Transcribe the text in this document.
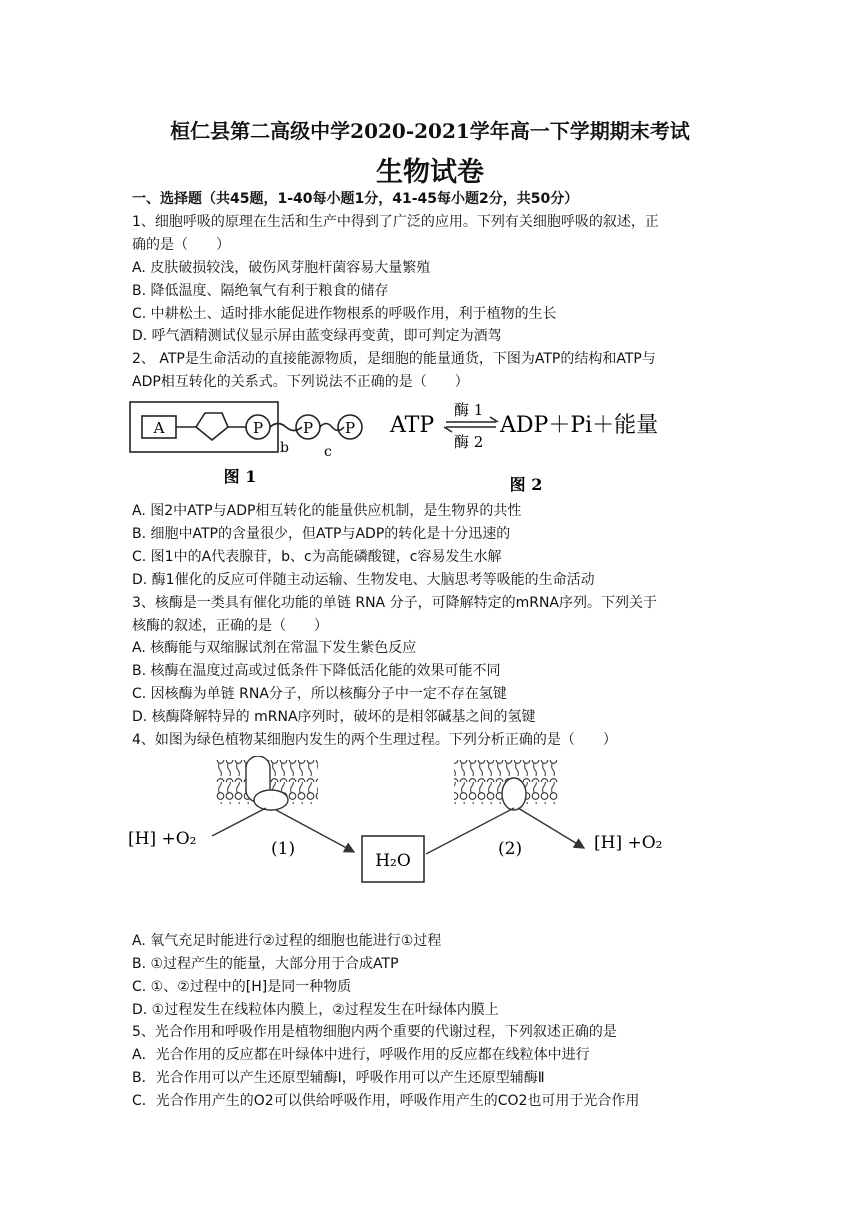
桓仁县第二高级中学2020-2021学年高一下学期期末考试
生物试卷
一、选择题（共45题，1-40每小题1分，41-45每小题2分，共50分）
1、细胞呼吸的原理在生活和生产中得到了广泛的应用。下列有关细胞呼吸的叙述，正
确的是（　　）
A. 皮肤破损较浅，破伤风芽胞杆菌容易大量繁殖
B. 降低温度、隔绝氧气有利于粮食的储存
C. 中耕松土、适时排水能促进作物根系的呼吸作用，利于植物的生长
D. 呼气酒精测试仪显示屏由蓝变绿再变黄，即可判定为酒驾
2、 ATP是生命活动的直接能源物质，是细胞的能量通货，下图为ATP的结构和ATP与
ADP相互转化的关系式。下列说法不正确的是（　　）
A	P	P P
b	c
图 1
ATP
酶 1
酶 2
ADP＋Pi＋能量
图 2
A. 图2中ATP与ADP相互转化的能量供应机制，是生物界的共性
B. 细胞中ATP的含量很少，但ATP与ADP的转化是十分迅速的
C. 图1中的A代表腺苷，b、c为高能磷酸键，c容易发生水解
D. 酶1催化的反应可伴随主动运输、生物发电、大脑思考等吸能的生命活动
3、核酶是一类具有催化功能的单链 RNA 分子，可降解特定的mRNA序列。下列关于
核酶的叙述，正确的是（　　）
A. 核酶能与双缩脲试剂在常温下发生紫色反应
B. 核酶在温度过高或过低条件下降低活化能的效果可能不同
C. 因核酶为单链 RNA分子，所以核酶分子中一定不存在氢键
D. 核酶降解特异的 mRNA序列时，破坏的是相邻碱基之间的氢键
4、如图为绿色植物某细胞内发生的两个生理过程。下列分析正确的是（　　）
[H] +O₂	(1)
H₂O
(2)	[H] +O₂
A. 氧气充足时能进行②过程的细胞也能进行①过程
B. ①过程产生的能量，大部分用于合成ATP
C. ①、②过程中的[H]是同一种物质
D. ①过程发生在线粒体内膜上，②过程发生在叶绿体内膜上
5、光合作用和呼吸作用是植物细胞内两个重要的代谢过程，下列叙述正确的是
A．光合作用的反应都在叶绿体中进行，呼吸作用的反应都在线粒体中进行
B．光合作用可以产生还原型辅酶Ⅰ，呼吸作用可以产生还原型辅酶Ⅱ
C．光合作用产生的O2可以供给呼吸作用，呼吸作用产生的CO2也可用于光合作用
